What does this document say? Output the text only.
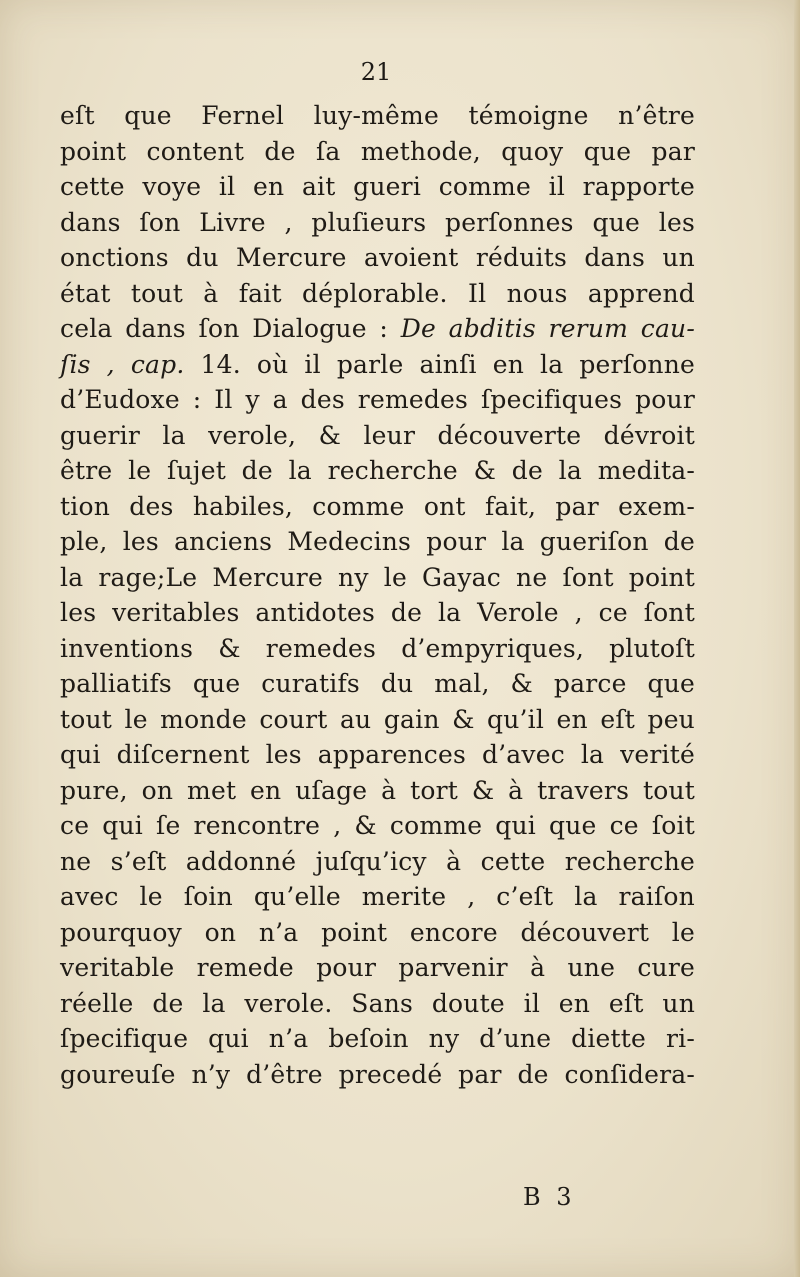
21
eſt que Fernel luy-même témoigne n’être
point content de ſa methode, quoy que par
cette voye il en ait gueri comme il rapporte
dans ſon Livre , pluſieurs perſonnes que les
onctions du Mercure avoient réduits dans un
état tout à fait déplorable. Il nous apprend
cela dans ſon Dialogue : De abditis rerum cau-
ſis , cap. 14. où il parle ainſi en la perſonne
d’Eudoxe : Il y a des remedes ſpecifiques pour
guerir la verole, & leur découverte dévroit
être le ſujet de la recherche & de la medita-
tion des habiles, comme ont fait, par exem-
ple, les anciens Medecins pour la gueriſon de
la rage;Le Mercure ny le Gayac ne ſont point
les veritables antidotes de la Verole , ce ſont
inventions & remedes d’empyriques, plutoſt
palliatifs que curatifs du mal, & parce que
tout le monde court au gain & qu’il en eſt peu
qui diſcernent les apparences d’avec la verité
pure, on met en uſage à tort & à travers tout
ce qui ſe rencontre , & comme qui que ce ſoit
ne s’eſt addonné juſqu’icy à cette recherche
avec le ſoin qu’elle merite , c’eſt la raiſon
pourquoy on n’a point encore découvert le
veritable remede pour parvenir à une cure
réelle de la verole. Sans doute il en eſt un
ſpecifique qui n’a beſoin ny d’une diette ri-
goureuſe n’y d’être precedé par de conſidera-
B 3
